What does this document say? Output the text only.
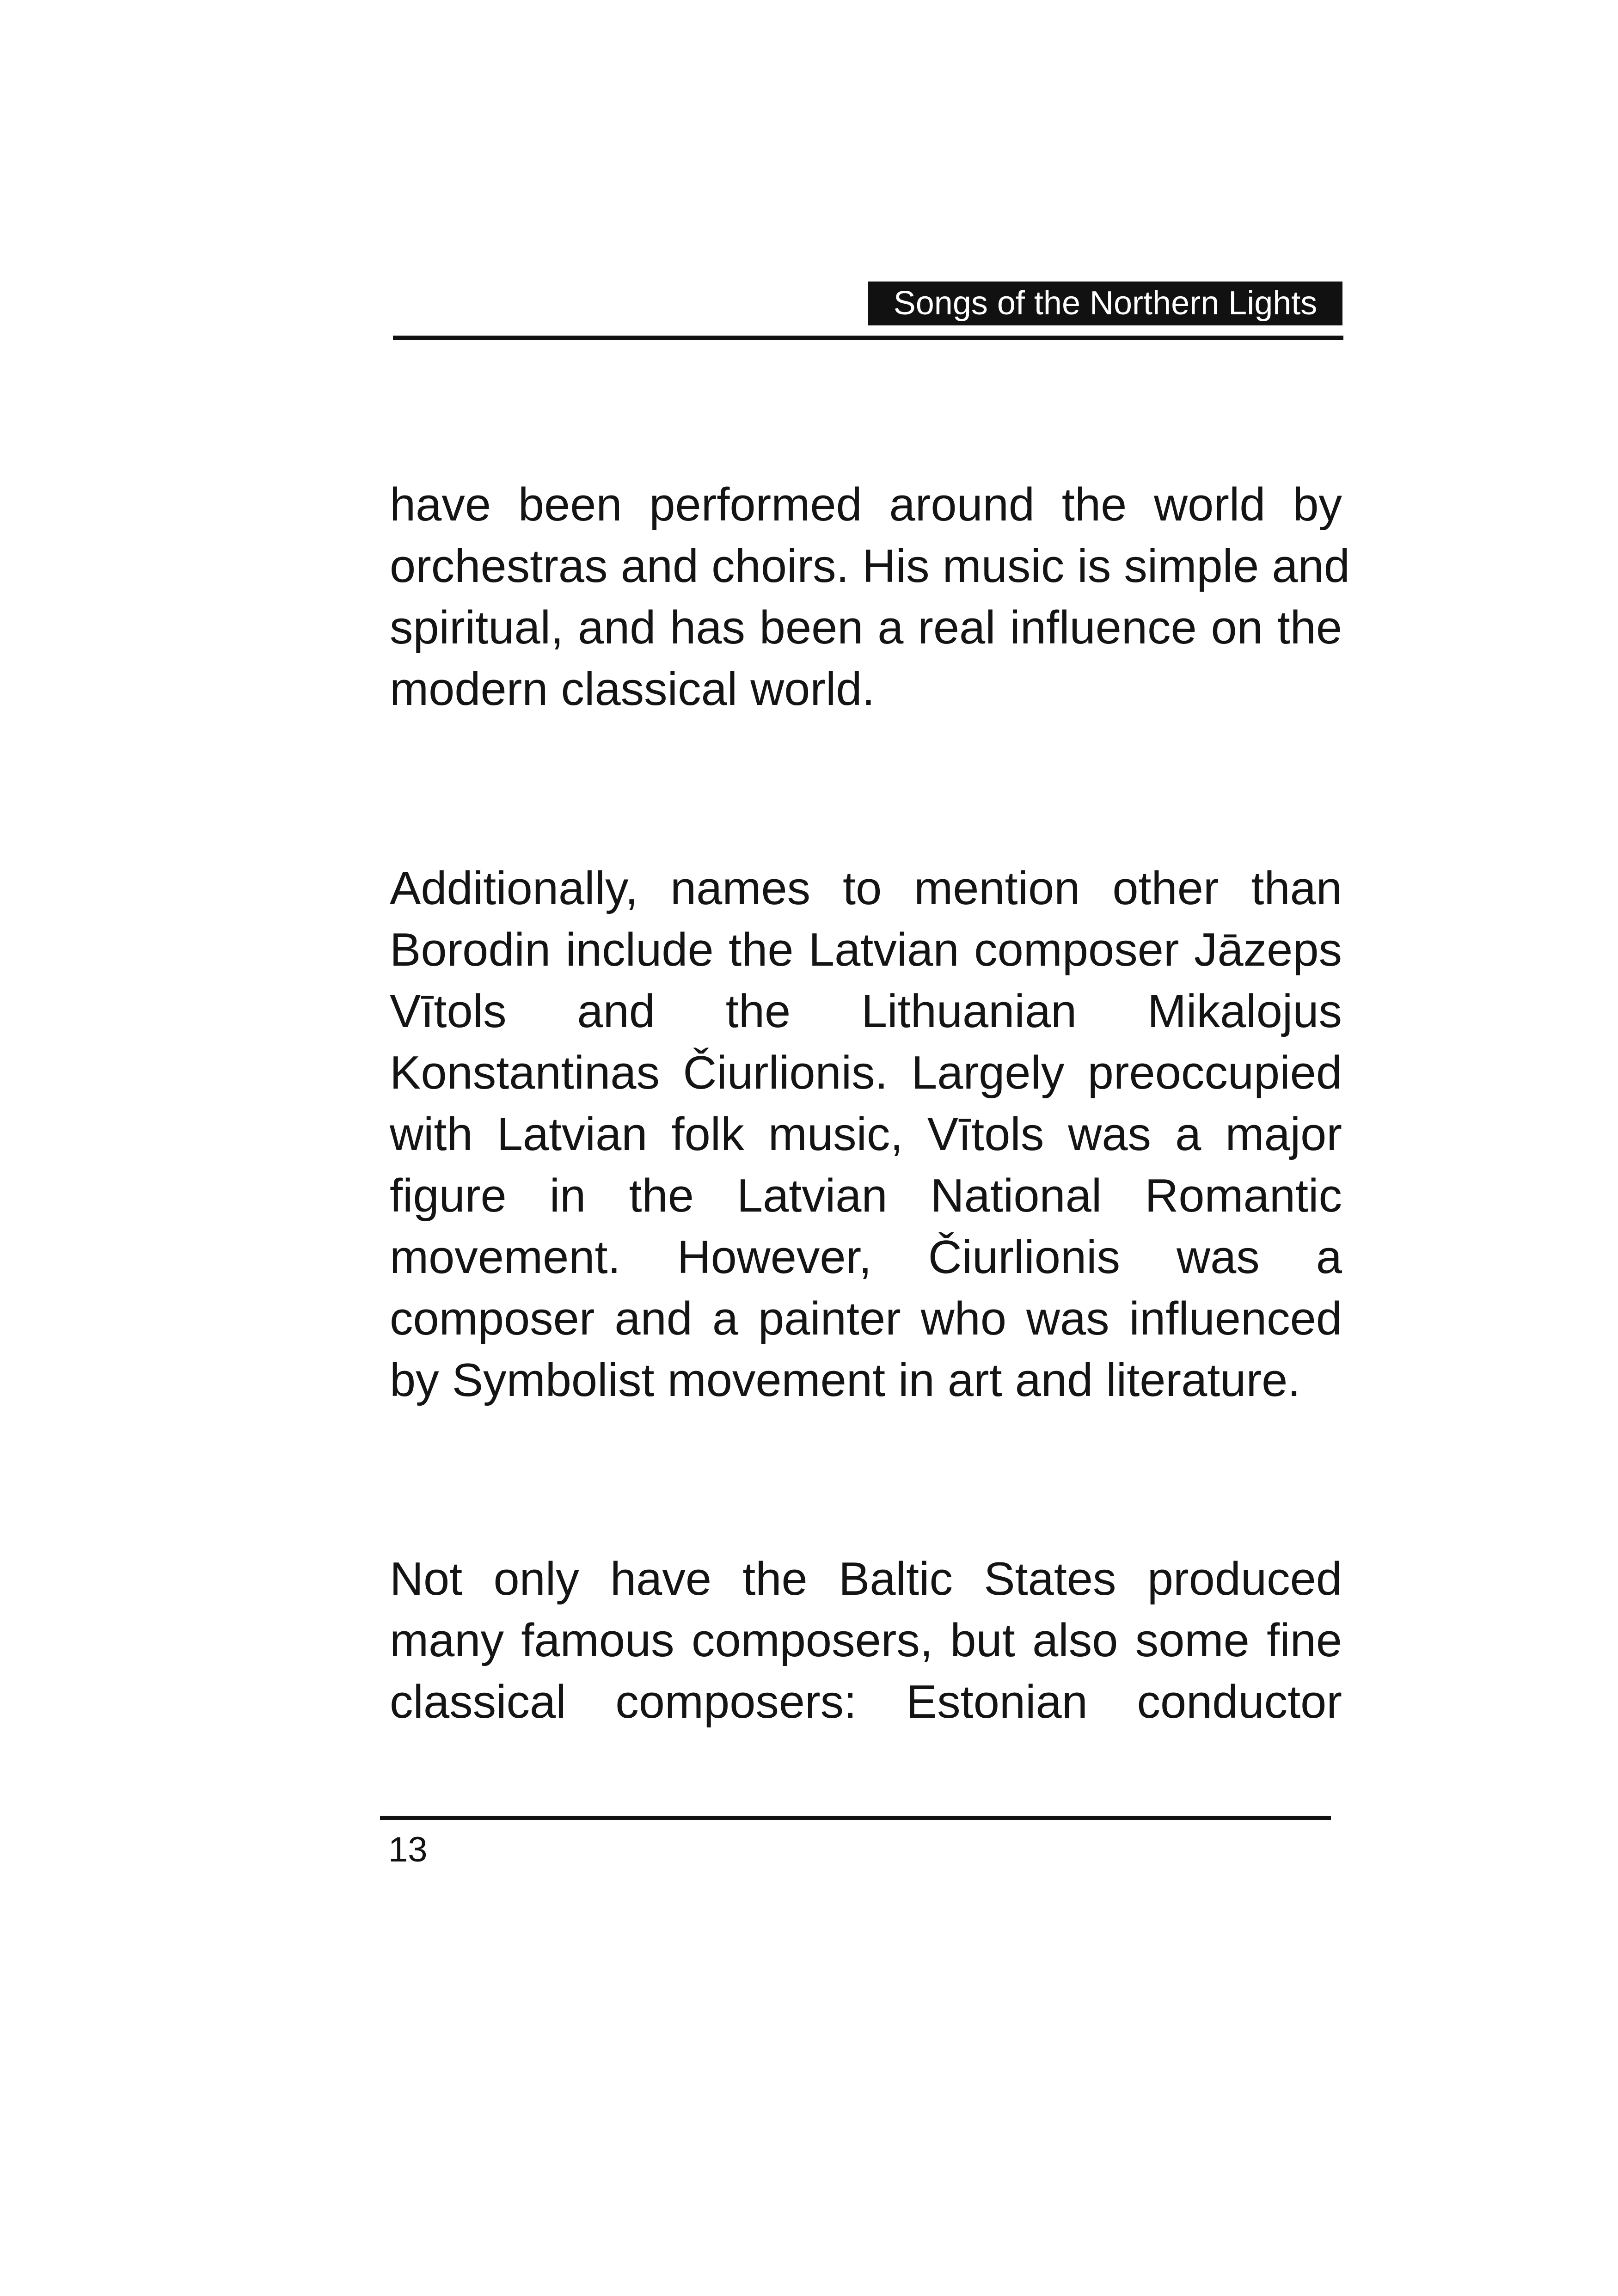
Songs of the Northern Lights
have been performed around the world by
orchestras and choirs. His music is simple and
spiritual, and has been a real influence on the
modern classical world.
Additionally, names to mention other than
Borodin include the Latvian composer Jāzeps
Vītols and the Lithuanian Mikalojus
Konstantinas Čiurlionis. Largely preoccupied
with Latvian folk music, Vītols was a major
figure in the Latvian National Romantic
movement. However, Čiurlionis was a
composer and a painter who was influenced
by Symbolist movement in art and literature.
Not only have the Baltic States produced
many famous composers, but also some fine
classical composers: Estonian conductor
13
